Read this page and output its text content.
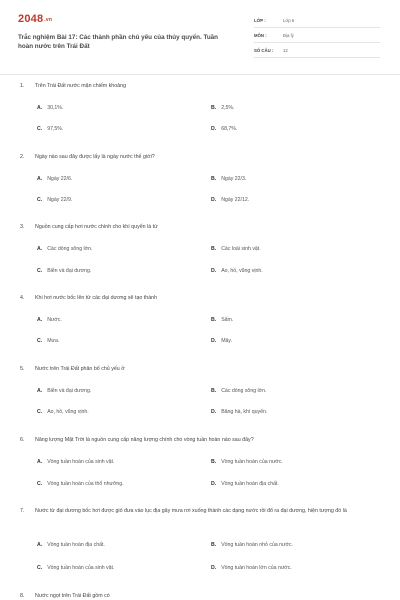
2048.vn
Trắc nghiệm Bài 17: Các thành phần chủ yếu của thủy quyển. Tuần hoàn nước trên Trái Đất
LỚP :	Lớp 6
MÔN :	Địa lý
SỐ CÂU : 12
1. Trên Trái Đất nước mặn chiếm khoảng
A. 30,1%.	B. 2,5%.
C. 97,5%.	D. 68,7%.
2. Ngày nào sau đây được lấy là ngày nước thế giới?
A. Ngày 22/6.	B. Ngày 22/3.
C. Ngày 22/9.	D. Ngày 22/12.
3. Nguồn cung cấp hơi nước chính cho khí quyển là từ
A. Các dòng sông lớn.	B. Các loài sinh vật.
C. Biển và đại dương.	D. Ao, hồ, vũng vịnh.
4. Khi hơi nước bốc lên từ các đại dương sẽ tạo thành
A. Nước.	B. Sấm.
C. Mưa.	D. Mây.
5. Nước trên Trái Đất phân bố chủ yếu ở
A. Biển và đại dương.	B. Các dòng sông lớn.
C. Ao, hồ, vũng vịnh.	D. Băng hà, khí quyển.
6. Năng lượng Mặt Trời là nguồn cung cấp năng lượng chính cho vòng tuần hoàn nào sau đây?
A. Vòng tuần hoàn của sinh vật.	B. Vòng tuần hoàn của nước.
C. Vòng tuần hoàn của thổ nhưỡng.	D. Vòng tuần hoàn địa chất.
7. Nước từ đại dương bốc hơi được gió đưa vào lục địa gây mưa rơi xuống thành các dạng nước rồi đổ ra đại dương, hiện tượng đó là
A. Vòng tuần hoàn địa chất.	B. Vòng tuần hoàn nhỏ của nước.
C. Vòng tuần hoàn của sinh vật.	D. Vòng tuần hoàn lớn của nước.
8. Nước ngọt trên Trái Đất gồm có
